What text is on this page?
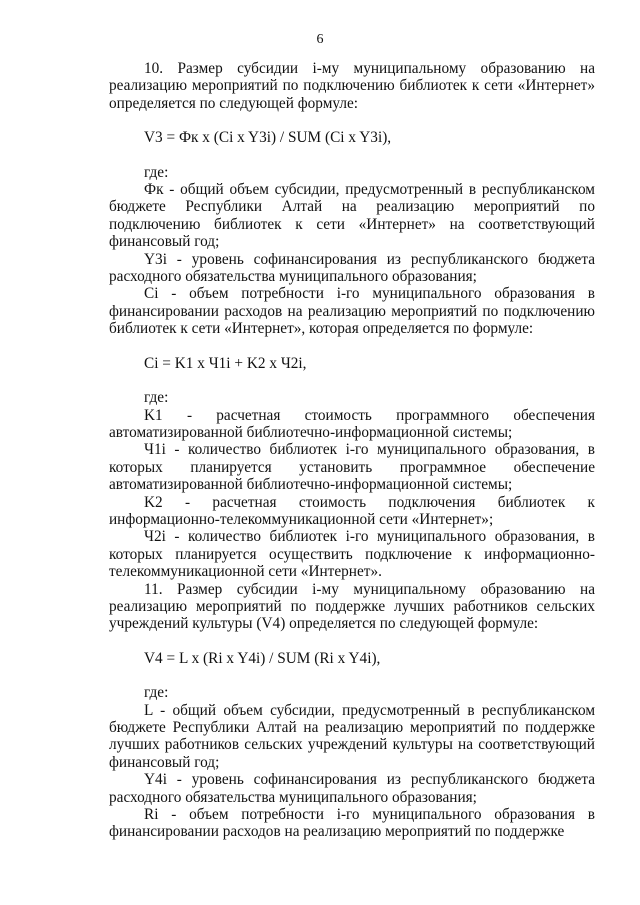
6

10. Размер субсидии i-му муниципальному образованию на реализацию мероприятий по подключению библиотек к сети «Интернет» определяется по следующей формуле:

V3 = Фк x (Ci x Y3i) / SUM (Ci x Y3i),

где:

Фк - общий объем субсидии, предусмотренный в республиканском бюджете Республики Алтай на реализацию мероприятий по подключению библиотек к сети «Интернет» на соответствующий финансовый год;

Y3i - уровень софинансирования из республиканского бюджета расходного обязательства муниципального образования;

Ci - объем потребности i-го муниципального образования в финансировании расходов на реализацию мероприятий по подключению библиотек к сети «Интернет», которая определяется по формуле:

Ci = K1 x Ч1i + K2 x Ч2i,

где:

K1 - расчетная стоимость программного обеспечения автоматизированной библиотечно-информационной системы;

Ч1i - количество библиотек i-го муниципального образования, в которых планируется установить программное обеспечение автоматизированной библиотечно-информационной системы;

K2 - расчетная стоимость подключения библиотек к информационно-телекоммуникационной сети «Интернет»;

Ч2i - количество библиотек i-го муниципального образования, в которых планируется осуществить подключение к информационно-телекоммуникационной сети «Интернет».

11. Размер субсидии i-му муниципальному образованию на реализацию мероприятий по поддержке лучших работников сельских учреждений культуры (V4) определяется по следующей формуле:

V4 = L x (Ri x Y4i) / SUM (Ri x Y4i),

где:

L - общий объем субсидии, предусмотренный в республиканском бюджете Республики Алтай на реализацию мероприятий по поддержке лучших работников сельских учреждений культуры на соответствующий финансовый год;

Y4i - уровень софинансирования из республиканского бюджета расходного обязательства муниципального образования;

Ri - объем потребности i-го муниципального образования в финансировании расходов на реализацию мероприятий по поддержке
